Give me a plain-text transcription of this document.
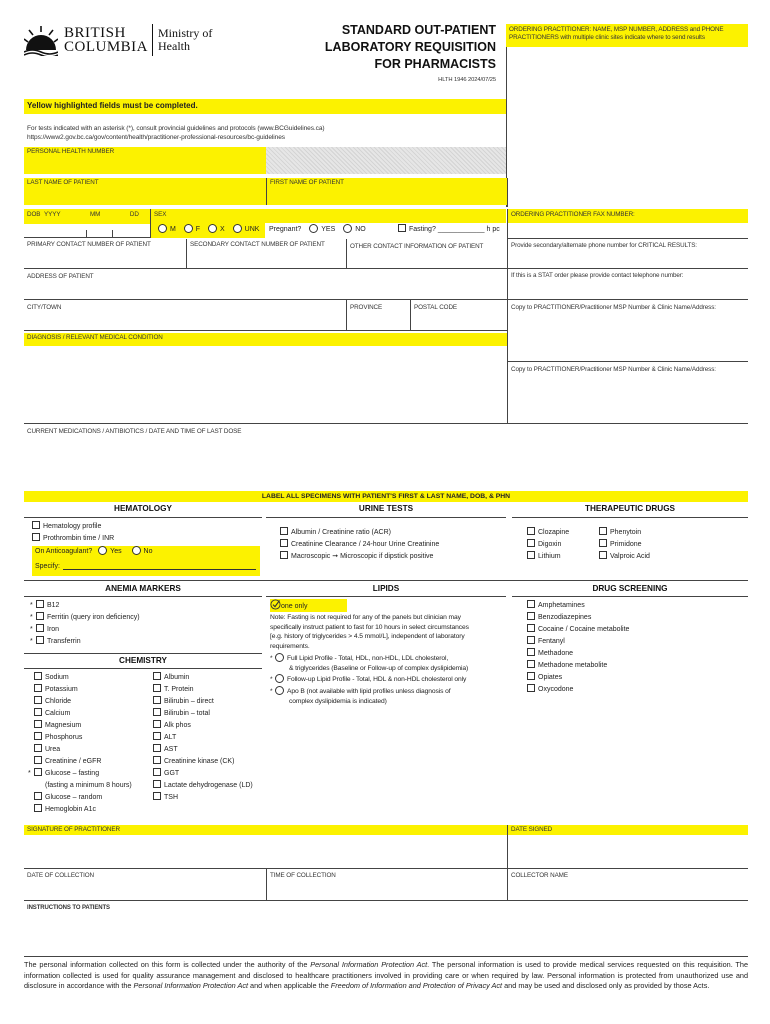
BRITISH
COLUMBIA
Ministry of
Health
STANDARD OUT-PATIENT
LABORATORY REQUISITION
FOR PHARMACISTS
HLTH 1946 2024/07/25
ORDERING PRACTITIONER: NAME, MSP NUMBER, ADDRESS and PHONE PRACTITIONERS with multiple clinic sites indicate where to send results
Yellow highlighted fields must be completed.
For tests indicated with an asterisk (*), consult provincial guidelines and protocols (www.BCGuidelines.ca)
https://www2.gov.bc.ca/gov/content/health/practitioner-professional-resources/bc-guidelines
PERSONAL HEALTH NUMBER
LAST NAME OF PATIENT	FIRST NAME OF PATIENT
DOB YYYY	MM	DD	SEX
M	F	X	UNK Pregnant?	YES	NO	Fasting? ____________ h pc
ORDERING PRACTITIONER FAX NUMBER:
PRIMARY CONTACT NUMBER OF PATIENT	SECONDARY CONTACT NUMBER OF PATIENT	OTHER CONTACT INFORMATION OF PATIENT	Provide secondary/alternate phone number for CRITICAL RESULTS:
ADDRESS OF PATIENT	If this is a STAT order please provide contact telephone number:
CITY/TOWN	PROVINCE	POSTAL CODE	Copy to PRACTITIONER/Practitioner MSP Number & Clinic Name/Address:
DIAGNOSIS / RELEVANT MEDICAL CONDITION
Copy to PRACTITIONER/Practitioner MSP Number & Clinic Name/Address:
CURRENT MEDICATIONS / ANTIBIOTICS / DATE AND TIME OF LAST DOSE
LABEL ALL SPECIMENS WITH PATIENT'S FIRST & LAST NAME, DOB, & PHN
HEMATOLOGY	URINE TESTS	THERAPEUTIC DRUGS
Hematology profile
Prothrombin time / INR
On Anticoagulant?	Yes	No
Specify:
Albumin / Creatinine ratio (ACR)
Creatinine Clearance / 24-hour Urine Creatinine
Macroscopic ➞ Microscopic if dipstick positive
Clozapine
Digoxin
Lithium
Phenytoin
Primidone
Valproic Acid
ANEMIA MARKERS	LIPIDS	DRUG SCREENING
* B12
* Ferritin (query iron deficiency)
* Iron
* Transferrin
CHEMISTRY
Sodium
Potassium
Chloride
Calcium
Magnesium
Phosphorus
Urea
Creatinine / eGFR
* Glucose – fasting
(fasting a minimum 8 hours)
Glucose – random
Hemoglobin A1c
Albumin
T. Protein
Bilirubin – direct
Bilirubin – total
Alk phos
ALT
AST
Creatinine kinase (CK)
GGT
Lactate dehydrogenase (LD)
TSH
one only
Note: Fasting is not required for any of the panels but clinician may
specifically instruct patient to fast for 10 hours in select circumstances
[e.g. history of triglycerides > 4.5 mmol/L], independent of laboratory
requirements.
* Full Lipid Profile - Total, HDL, non-HDL, LDL cholesterol,
& triglycerides (Baseline or Follow-up of complex dyslipidemia)
* Follow-up Lipid Profile - Total, HDL & non-HDL cholesterol only
* Apo B (not available with lipid profiles unless diagnosis of
complex dyslipidemia is indicated)
Amphetamines
Benzodiazepines
Cocaine / Cocaine metabolite
Fentanyl
Methadone
Methadone metabolite
Opiates
Oxycodone
SIGNATURE OF PRACTITIONER	DATE SIGNED
DATE OF COLLECTION	TIME OF COLLECTION	COLLECTOR NAME
INSTRUCTIONS TO PATIENTS
The personal information collected on this form is collected under the authority of the Personal Information Protection Act. The personal information is used to provide medical services requested on this requisition. The information collected is used for quality assurance management and disclosed to healthcare practitioners involved in providing care or when required by law. Personal information is protected from unauthorized use and disclosure in accordance with the Personal Information Protection Act and when applicable the Freedom of Information and Protection of Privacy Act and may be used and disclosed only as provided by those Acts.
